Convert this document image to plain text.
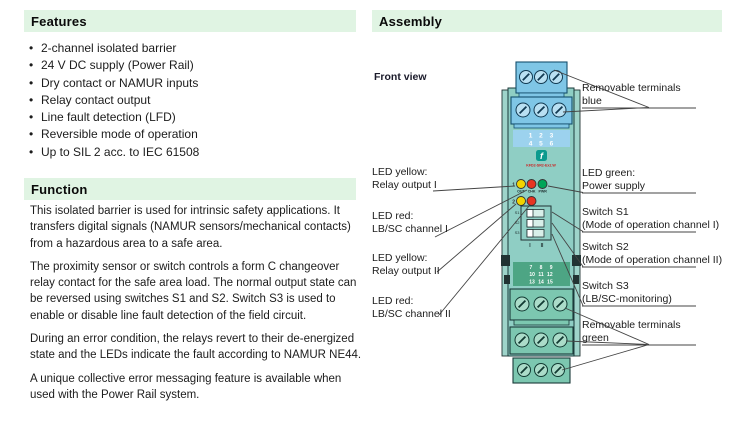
Features
• 2-channel isolated barrier
• 24 V DC supply (Power Rail)
• Dry contact or NAMUR inputs
• Relay contact output
• Line fault detection (LFD)
• Reversible mode of operation
• Up to SIL 2 acc. to IEC 61508
Function

This isolated barrier is used for intrinsic safety applications. It transfers digital signals (NAMUR sensors/mechanical contacts) from a hazardous area to a safe area.

The proximity sensor or switch controls a form C changeover relay contact for the safe area load. The normal output state can be reversed using switches S1 and S2. Switch S3 is used to enable or disable line fault detection of the field circuit.

During an error condition, the relays revert to their de-energized state and the LEDs indicate the fault according to NAMUR NE44.

A unique collective error messaging feature is available when used with the Power Rail system.

Assembly
Front view
1 2 3
4 5 6
f
KFD2-SR2-Ex2.W
1
OUT CHK PWR
2
S1
S2
S3
I II
7 8 9
10 11 12
13 14 15
LED yellow:
Relay output I
LED red:
LB/SC channel I
LED yellow:
Relay output II
LED red:
LB/SC channel II
Removable terminals
blue
LED green:
Power supply
Switch S1
(Mode of operation channel I)
Switch S2
(Mode of operation channel II)
Switch S3
(LB/SC-monitoring)
Removable terminals
green
